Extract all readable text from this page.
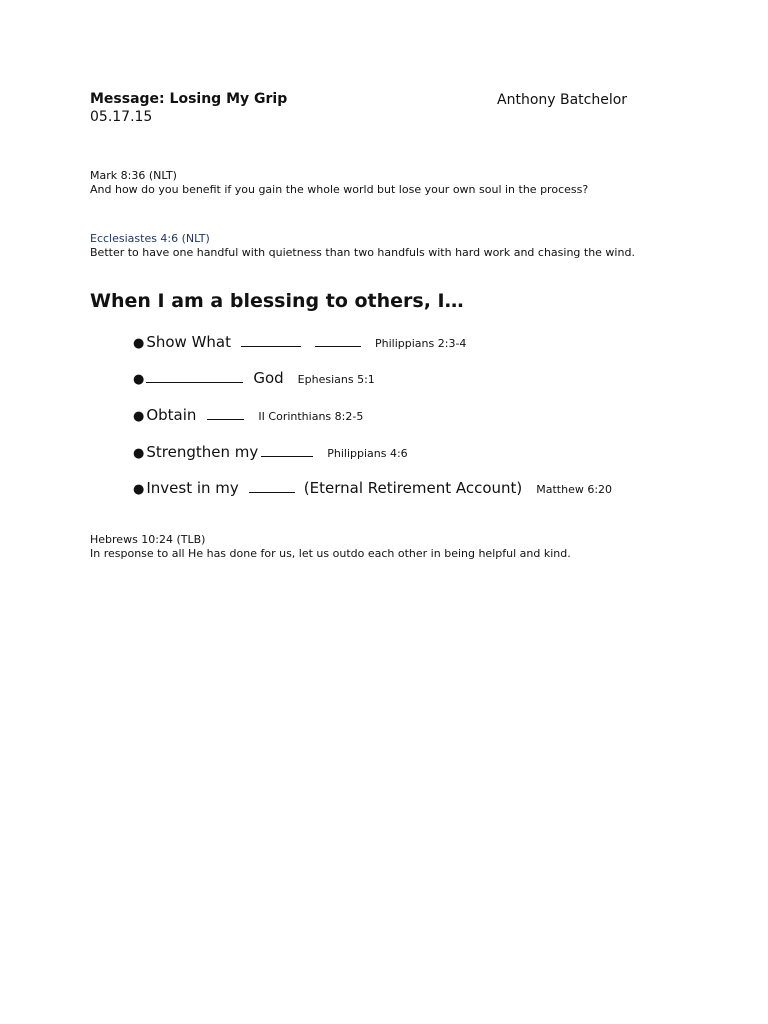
Message: Losing My Grip	Anthony Batchelor
05.17.15
Mark 8:36 (NLT)
And how do you benefit if you gain the whole world but lose your own soul in the process?
Ecclesiastes 4:6 (NLT)
Better to have one handful with quietness than two handfuls with hard work and chasing the wind.
When I am a blessing to others, I…
● Show What	Philippians 2:3-4
●	God Ephesians 5:1
● Obtain	II Corinthians 8:2-5
● Strengthen my	Philippians 4:6
● Invest in my	(Eternal Retirement Account) Matthew 6:20
Hebrews 10:24 (TLB)
In response to all He has done for us, let us outdo each other in being helpful and kind.
